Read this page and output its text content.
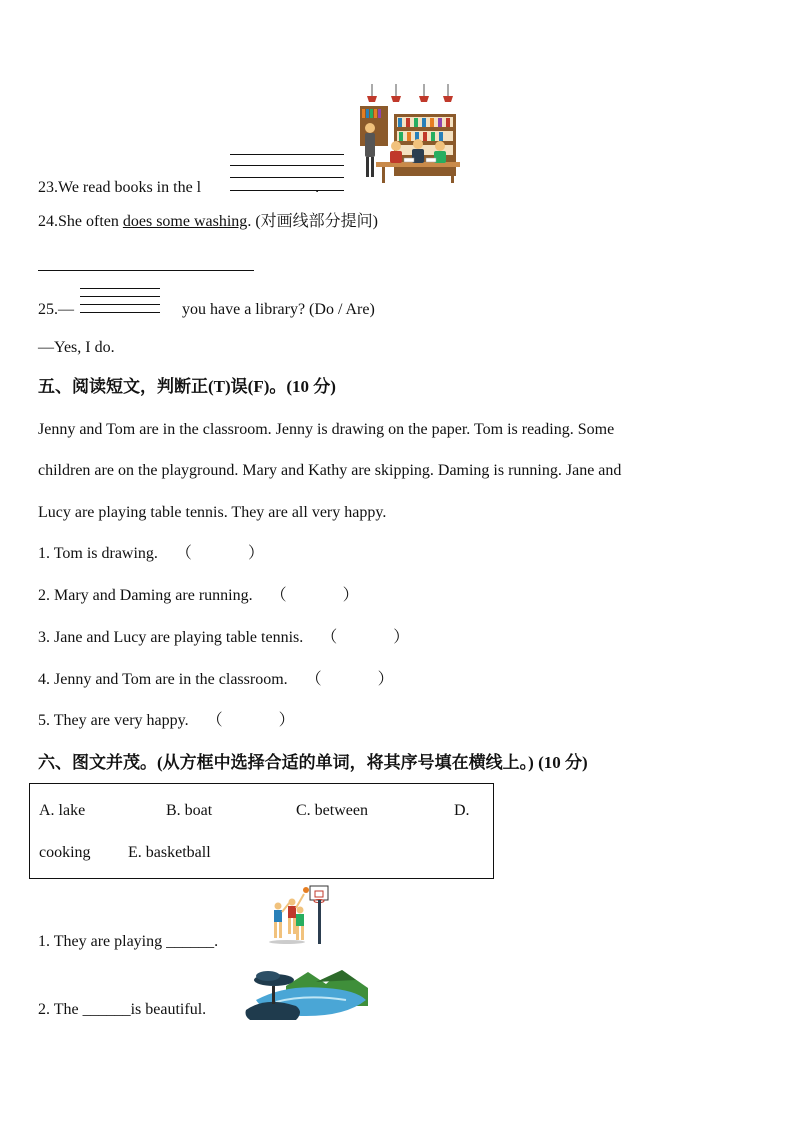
23.We read books in the l	.
24.She often does some washing. (对画线部分提问)
25.—	you have a library? (Do / Are)
—Yes, I do.
五、阅读短文，判断正(T)误(F)。(10 分)
Jenny and Tom are in the classroom. Jenny is drawing on the paper. Tom is reading. Some
children are on the playground. Mary and Kathy are skipping. Daming is running. Jane and
Lucy are playing table tennis. They are all very happy.
1. Tom is drawing. （	）
2. Mary and Daming are running. （	）
3. Jane and Lucy are playing table tennis. （	）
4. Jenny and Tom are in the classroom. （	）
5. They are very happy. （	）
六、图文并茂。(从方框中选择合适的单词，将其序号填在横线上。) (10 分)
A. lake	B. boat	C. between	D.
cooking E. basketball
1. They are playing ______.
2. The ______is beautiful.
